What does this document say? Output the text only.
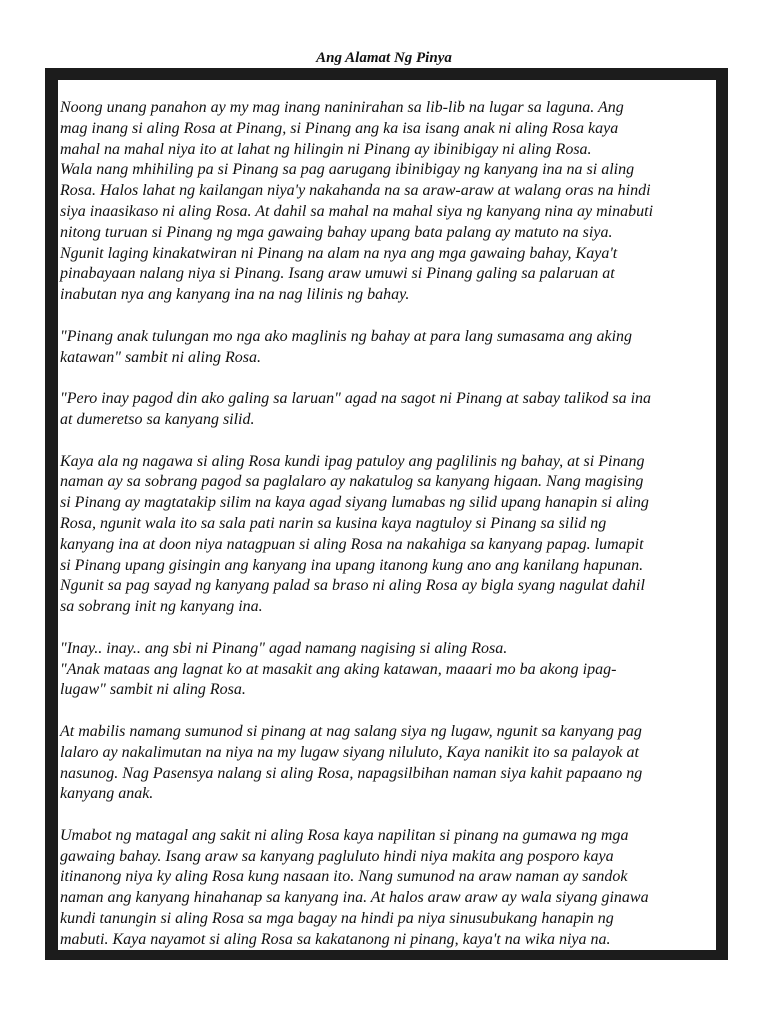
Ang Alamat Ng Pinya

Noong unang panahon ay my mag inang naninirahan sa lib-lib na lugar sa laguna. Ang
mag inang si aling Rosa at Pinang, si Pinang ang ka isa isang anak ni aling Rosa kaya
mahal na mahal niya ito at lahat ng hilingin ni Pinang ay ibinibigay ni aling Rosa.
Wala nang mhihiling pa si Pinang sa pag aarugang ibinibigay ng kanyang ina na si aling
Rosa. Halos lahat ng kailangan niya'y nakahanda na sa araw-araw at walang oras na hindi
siya inaasikaso ni aling Rosa. At dahil sa mahal na mahal siya ng kanyang nina ay minabuti
nitong turuan si Pinang ng mga gawaing bahay upang bata palang ay matuto na siya.
Ngunit laging kinakatwiran ni Pinang na alam na nya ang mga gawaing bahay, Kaya't
pinabayaan nalang niya si Pinang. Isang araw umuwi si Pinang galing sa palaruan at
inabutan nya ang kanyang ina na nag lilinis ng bahay.

"Pinang anak tulungan mo nga ako maglinis ng bahay at para lang sumasama ang aking
katawan" sambit ni aling Rosa.

"Pero inay pagod din ako galing sa laruan" agad na sagot ni Pinang at sabay talikod sa ina
at dumeretso sa kanyang silid.

Kaya ala ng nagawa si aling Rosa kundi ipag patuloy ang paglilinis ng bahay, at si Pinang
naman ay sa sobrang pagod sa paglalaro ay nakatulog sa kanyang higaan. Nang magising
si Pinang ay magtatakip silim na kaya agad siyang lumabas ng silid upang hanapin si aling
Rosa, ngunit wala ito sa sala pati narin sa kusina kaya nagtuloy si Pinang sa silid ng
kanyang ina at doon niya natagpuan si aling Rosa na nakahiga sa kanyang papag. lumapit
si Pinang upang gisingin ang kanyang ina upang itanong kung ano ang kanilang hapunan.
Ngunit sa pag sayad ng kanyang palad sa braso ni aling Rosa ay bigla syang nagulat dahil
sa sobrang init ng kanyang ina.

"Inay.. inay.. ang sbi ni Pinang" agad namang nagising si aling Rosa.
"Anak mataas ang lagnat ko at masakit ang aking katawan, maaari mo ba akong ipag-
lugaw" sambit ni aling Rosa.

At mabilis namang sumunod si pinang at nag salang siya ng lugaw, ngunit sa kanyang pag
lalaro ay nakalimutan na niya na my lugaw siyang niluluto, Kaya nanikit ito sa palayok at
nasunog. Nag Pasensya nalang si aling Rosa, napagsilbihan naman siya kahit papaano ng
kanyang anak.

Umabot ng matagal ang sakit ni aling Rosa kaya napilitan si pinang na gumawa ng mga
gawaing bahay. Isang araw sa kanyang pagluluto hindi niya makita ang posporo kaya
itinanong niya ky aling Rosa kung nasaan ito. Nang sumunod na araw naman ay sandok
naman ang kanyang hinahanap sa kanyang ina. At halos araw araw ay wala siyang ginawa
kundi tanungin si aling Rosa sa mga bagay na hindi pa niya sinusubukang hanapin ng
mabuti. Kaya nayamot si aling Rosa sa kakatanong ni pinang, kaya't na wika niya na.
